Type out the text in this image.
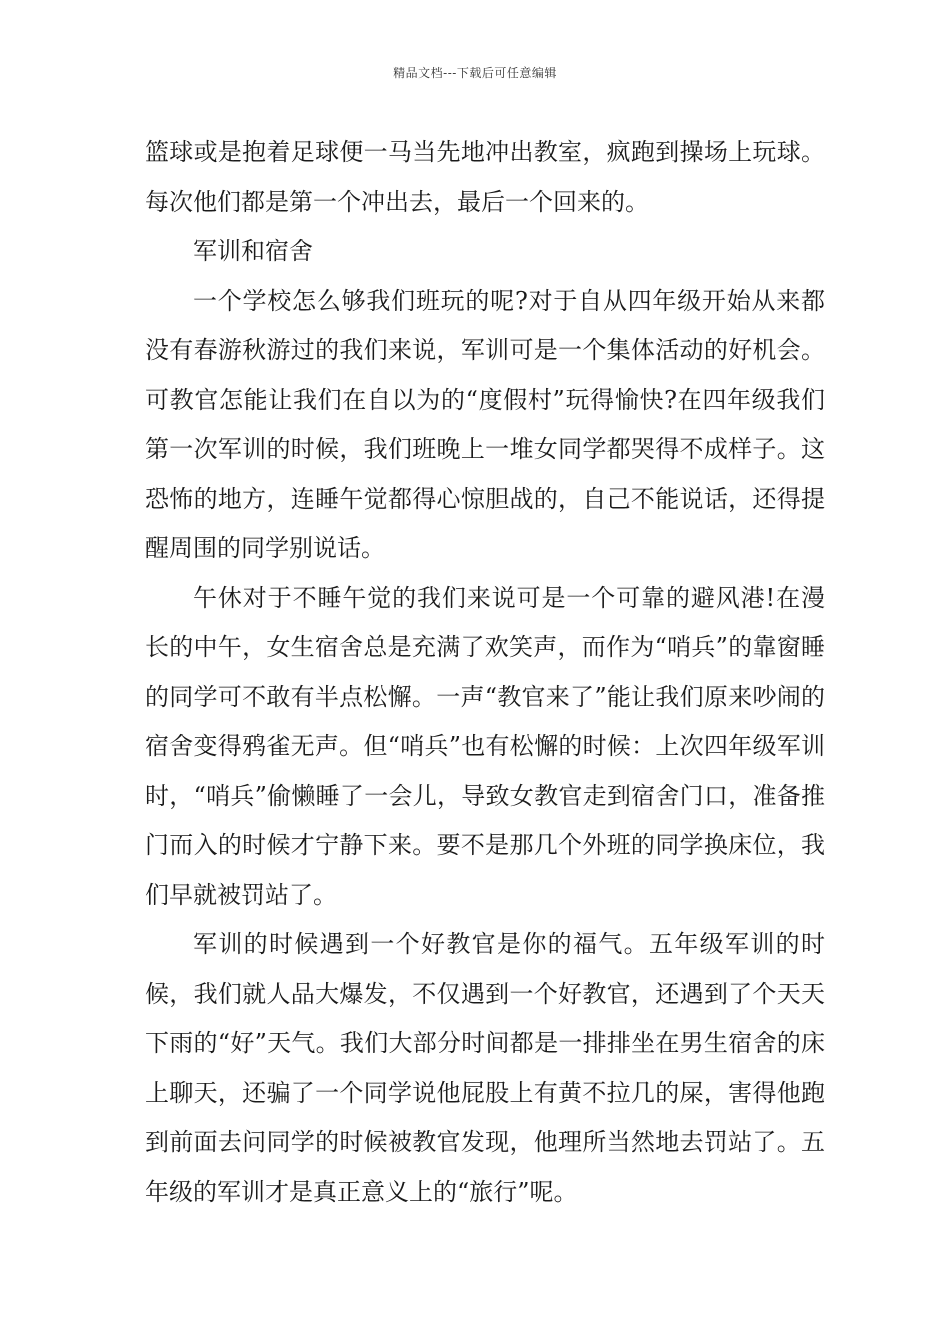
精品文档---下载后可任意编辑

篮球或是抱着足球便一马当先地冲出教室，疯跑到操场上玩球。每次他们都是第一个冲出去，最后一个回来的。

军训和宿舍

一个学校怎么够我们班玩的呢?对于自从四年级开始从来都没有春游秋游过的我们来说，军训可是一个集体活动的好机会。可教官怎能让我们在自以为的“度假村”玩得愉快?在四年级我们第一次军训的时候，我们班晚上一堆女同学都哭得不成样子。这恐怖的地方，连睡午觉都得心惊胆战的，自己不能说话，还得提醒周围的同学别说话。

午休对于不睡午觉的我们来说可是一个可靠的避风港!在漫长的中午，女生宿舍总是充满了欢笑声，而作为“哨兵”的靠窗睡的同学可不敢有半点松懈。一声“教官来了”能让我们原来吵闹的宿舍变得鸦雀无声。但“哨兵”也有松懈的时候：上次四年级军训时，“哨兵”偷懒睡了一会儿，导致女教官走到宿舍门口，准备推门而入的时候才宁静下来。要不是那几个外班的同学换床位，我们早就被罚站了。

军训的时候遇到一个好教官是你的福气。五年级军训的时候，我们就人品大爆发，不仅遇到一个好教官，还遇到了个天天下雨的“好”天气。我们大部分时间都是一排排坐在男生宿舍的床上聊天，还骗了一个同学说他屁股上有黄不拉几的屎，害得他跑到前面去问同学的时候被教官发现，他理所当然地去罚站了。五年级的军训才是真正意义上的“旅行”呢。
